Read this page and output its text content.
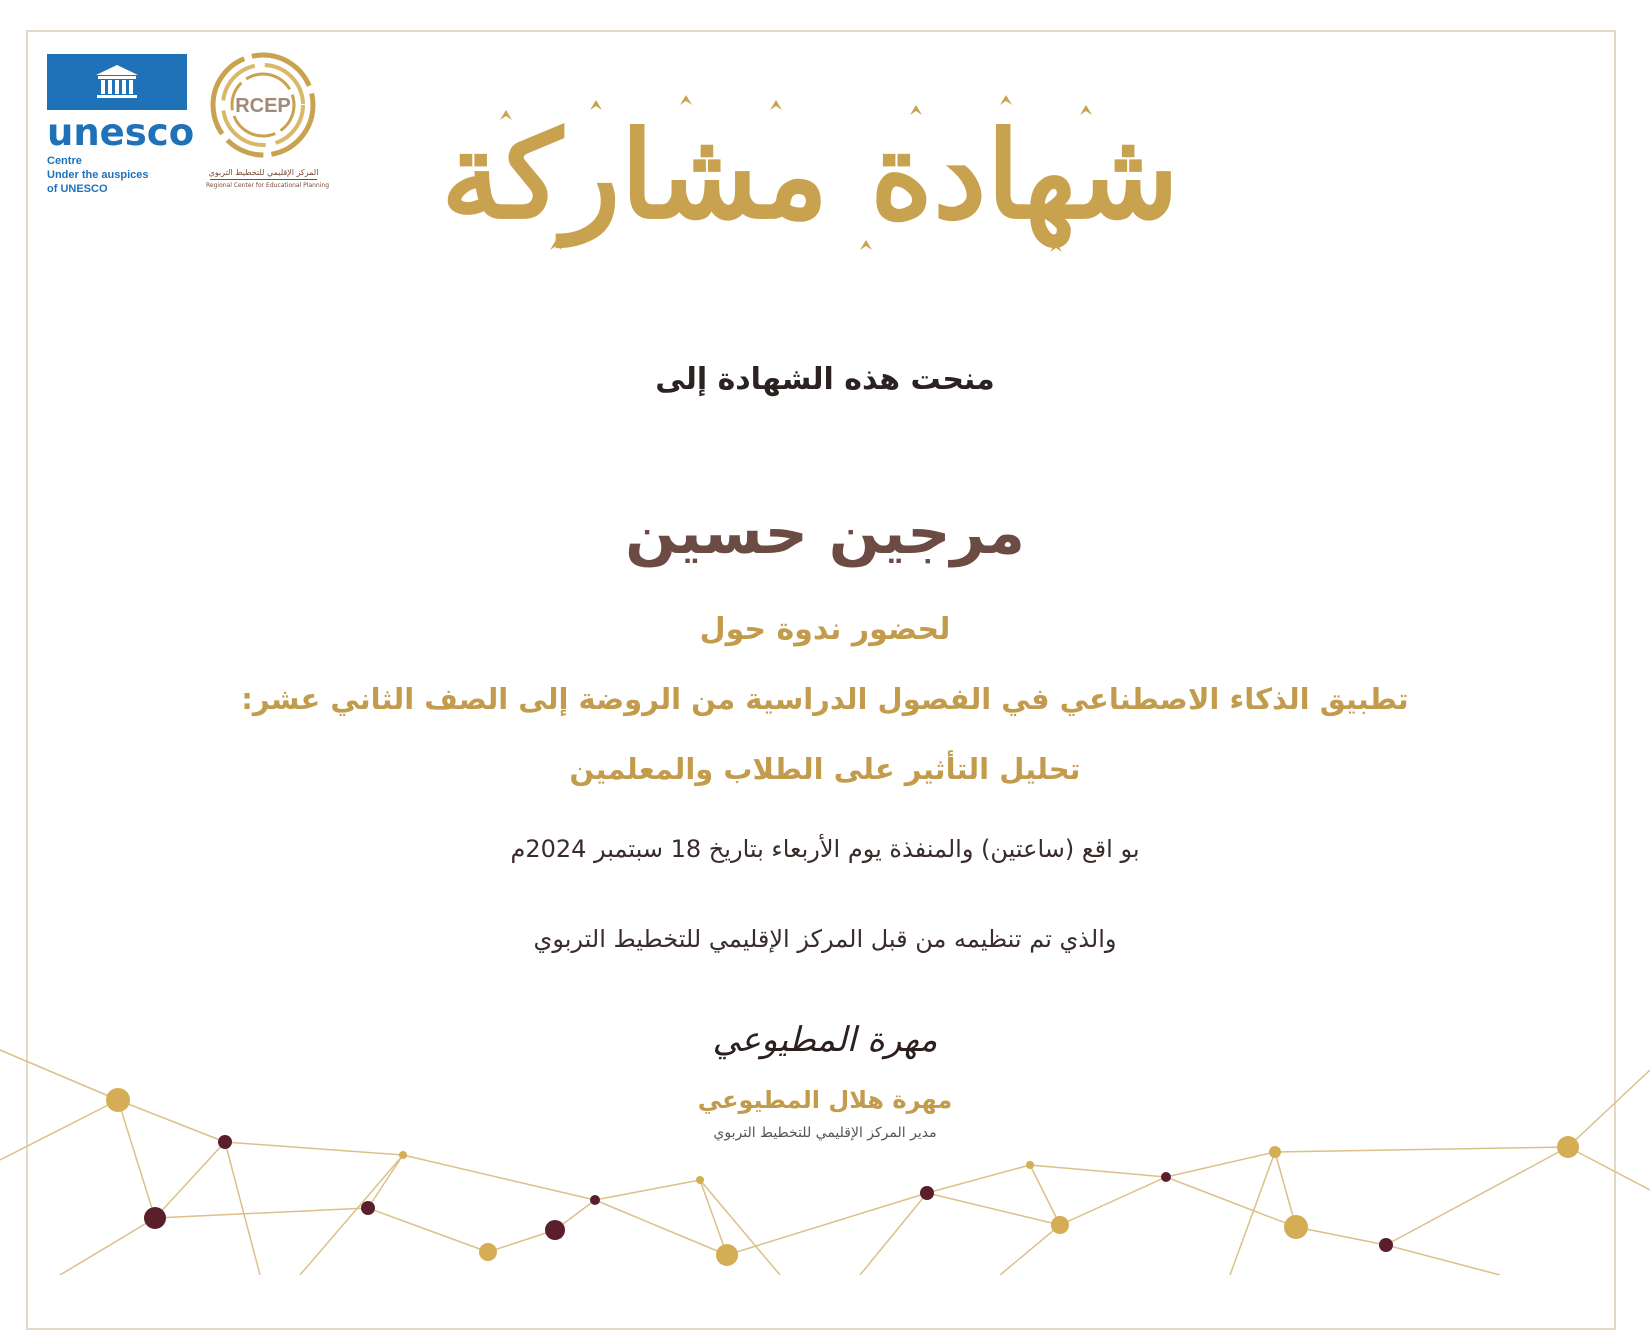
unesco
Centre
Under the auspices
of UNESCO
RCEP
المركز الإقليمي للتخطيط التربوي
Regional Center for Educational Planning شهادة مشاركة
منحت هذه الشهادة إلى
مرجين حسين
لحضور ندوة حول
تطبيق الذكاء الاصطناعي في الفصول الدراسية من الروضة إلى الصف الثاني عشر:
تحليل التأثير على الطلاب والمعلمين
بو اقع (ساعتين) والمنفذة يوم الأربعاء بتاريخ 18 سبتمبر 2024م
والذي تم تنظيمه من قبل المركز الإقليمي للتخطيط التربوي
مهرة المطيوعي
مهرة هلال المطيوعي
مدير المركز الإقليمي للتخطيط التربوي
